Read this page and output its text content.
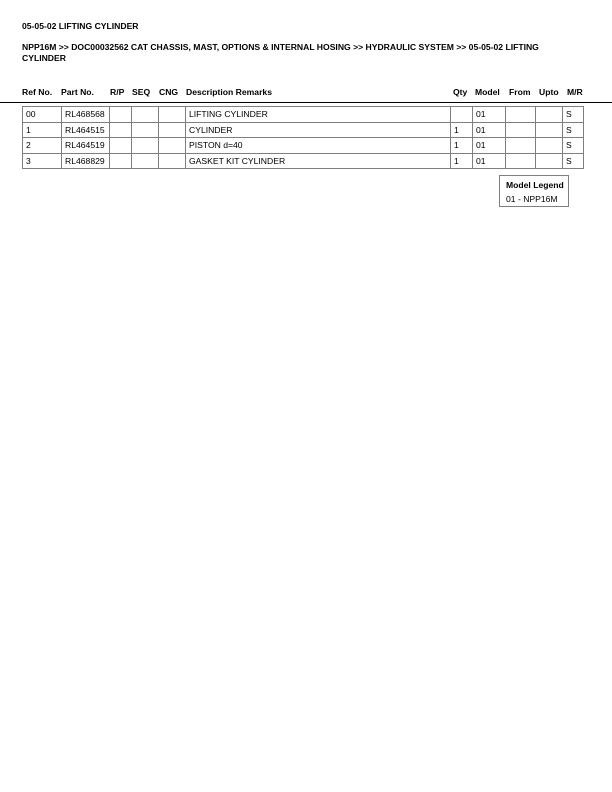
05-05-02 LIFTING CYLINDER
NPP16M >> DOC00032562 CAT CHASSIS, MAST, OPTIONS & INTERNAL HOSING >> HYDRAULIC SYSTEM >> 05-05-02 LIFTING CYLINDER
Ref No. Part No. R/P SEQ CNG Description Remarks	Qty Model From Upto M/R
00	RL468568				LIFTING CYLINDER		01			S
1	RL464515				CYLINDER	1	01			S
2	RL464519				PISTON d=40	1	01			S
3	RL468829				GASKET KIT CYLINDER	1	01			S
Model Legend
01 - NPP16M
